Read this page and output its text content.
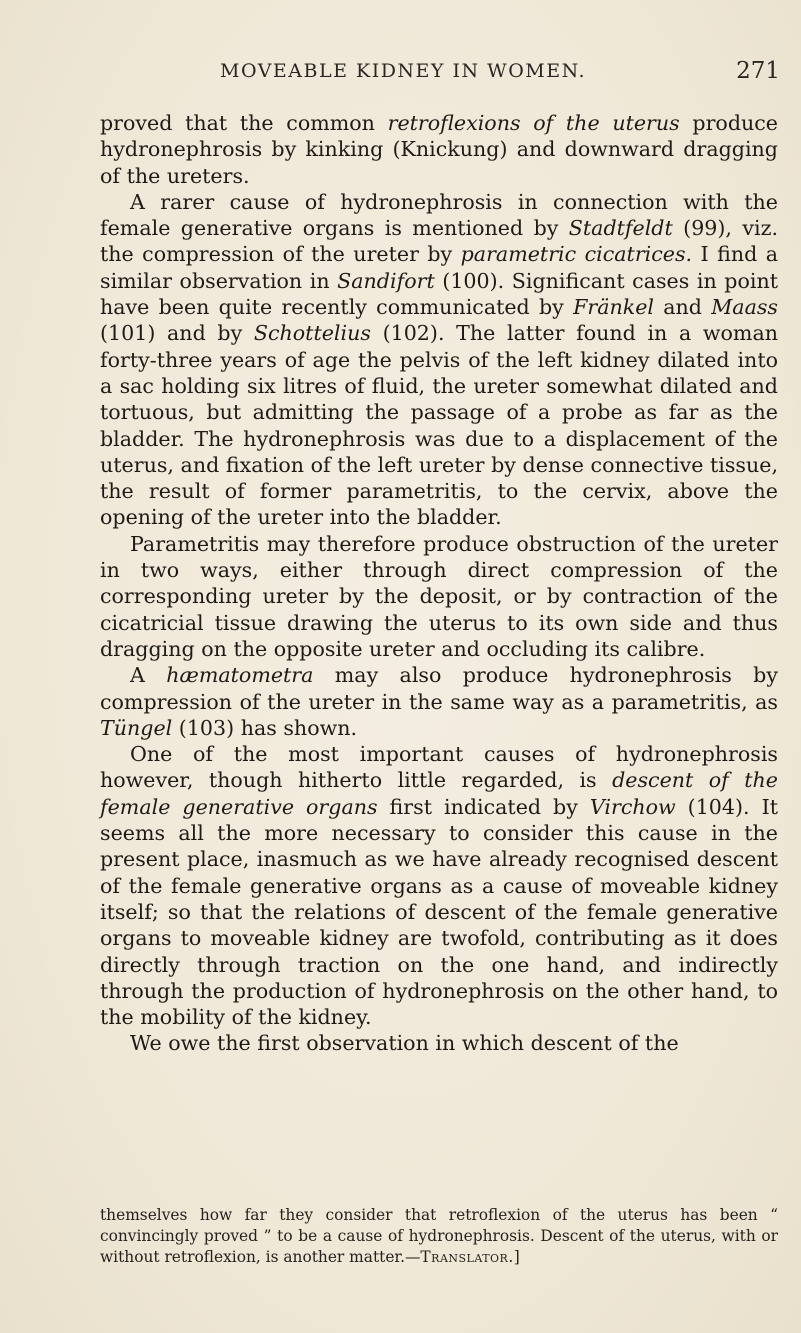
MOVEABLE KIDNEY IN WOMEN.	271

proved that the common retroflexions of the uterus produce hydronephrosis by kinking (Knickung) and downward dragging of the ureters.

A rarer cause of hydronephrosis in connection with the female generative organs is mentioned by Stadtfeldt (99), viz. the compression of the ureter by parametric cicatrices. I find a similar observation in Sandifort (100). Significant cases in point have been quite recently communicated by Fränkel and Maass (101) and by Schottelius (102). The latter found in a woman forty-three years of age the pelvis of the left kidney dilated into a sac holding six litres of fluid, the ureter somewhat dilated and tortuous, but admitting the passage of a probe as far as the bladder. The hydronephrosis was due to a displacement of the uterus, and fixation of the left ureter by dense connective tissue, the result of former parametritis, to the cervix, above the opening of the ureter into the bladder.

Parametritis may therefore produce obstruction of the ureter in two ways, either through direct compression of the corresponding ureter by the deposit, or by contraction of the cicatricial tissue drawing the uterus to its own side and thus dragging on the opposite ureter and occluding its calibre.

A hæmatometra may also produce hydronephrosis by compression of the ureter in the same way as a parametritis, as Tüngel (103) has shown.

One of the most important causes of hydronephrosis however, though hitherto little regarded, is descent of the female generative organs first indicated by Virchow (104). It seems all the more necessary to consider this cause in the present place, inasmuch as we have already recognised descent of the female generative organs as a cause of moveable kidney itself; so that the relations of descent of the female generative organs to moveable kidney are twofold, contributing as it does directly through traction on the one hand, and indirectly through the production of hydronephrosis on the other hand, to the mobility of the kidney.

We owe the first observation in which descent of the

themselves how far they consider that retroflexion of the uterus has been “ convincingly proved ” to be a cause of hydronephrosis. Descent of the uterus, with or without retroflexion, is another matter.—Translator.]
